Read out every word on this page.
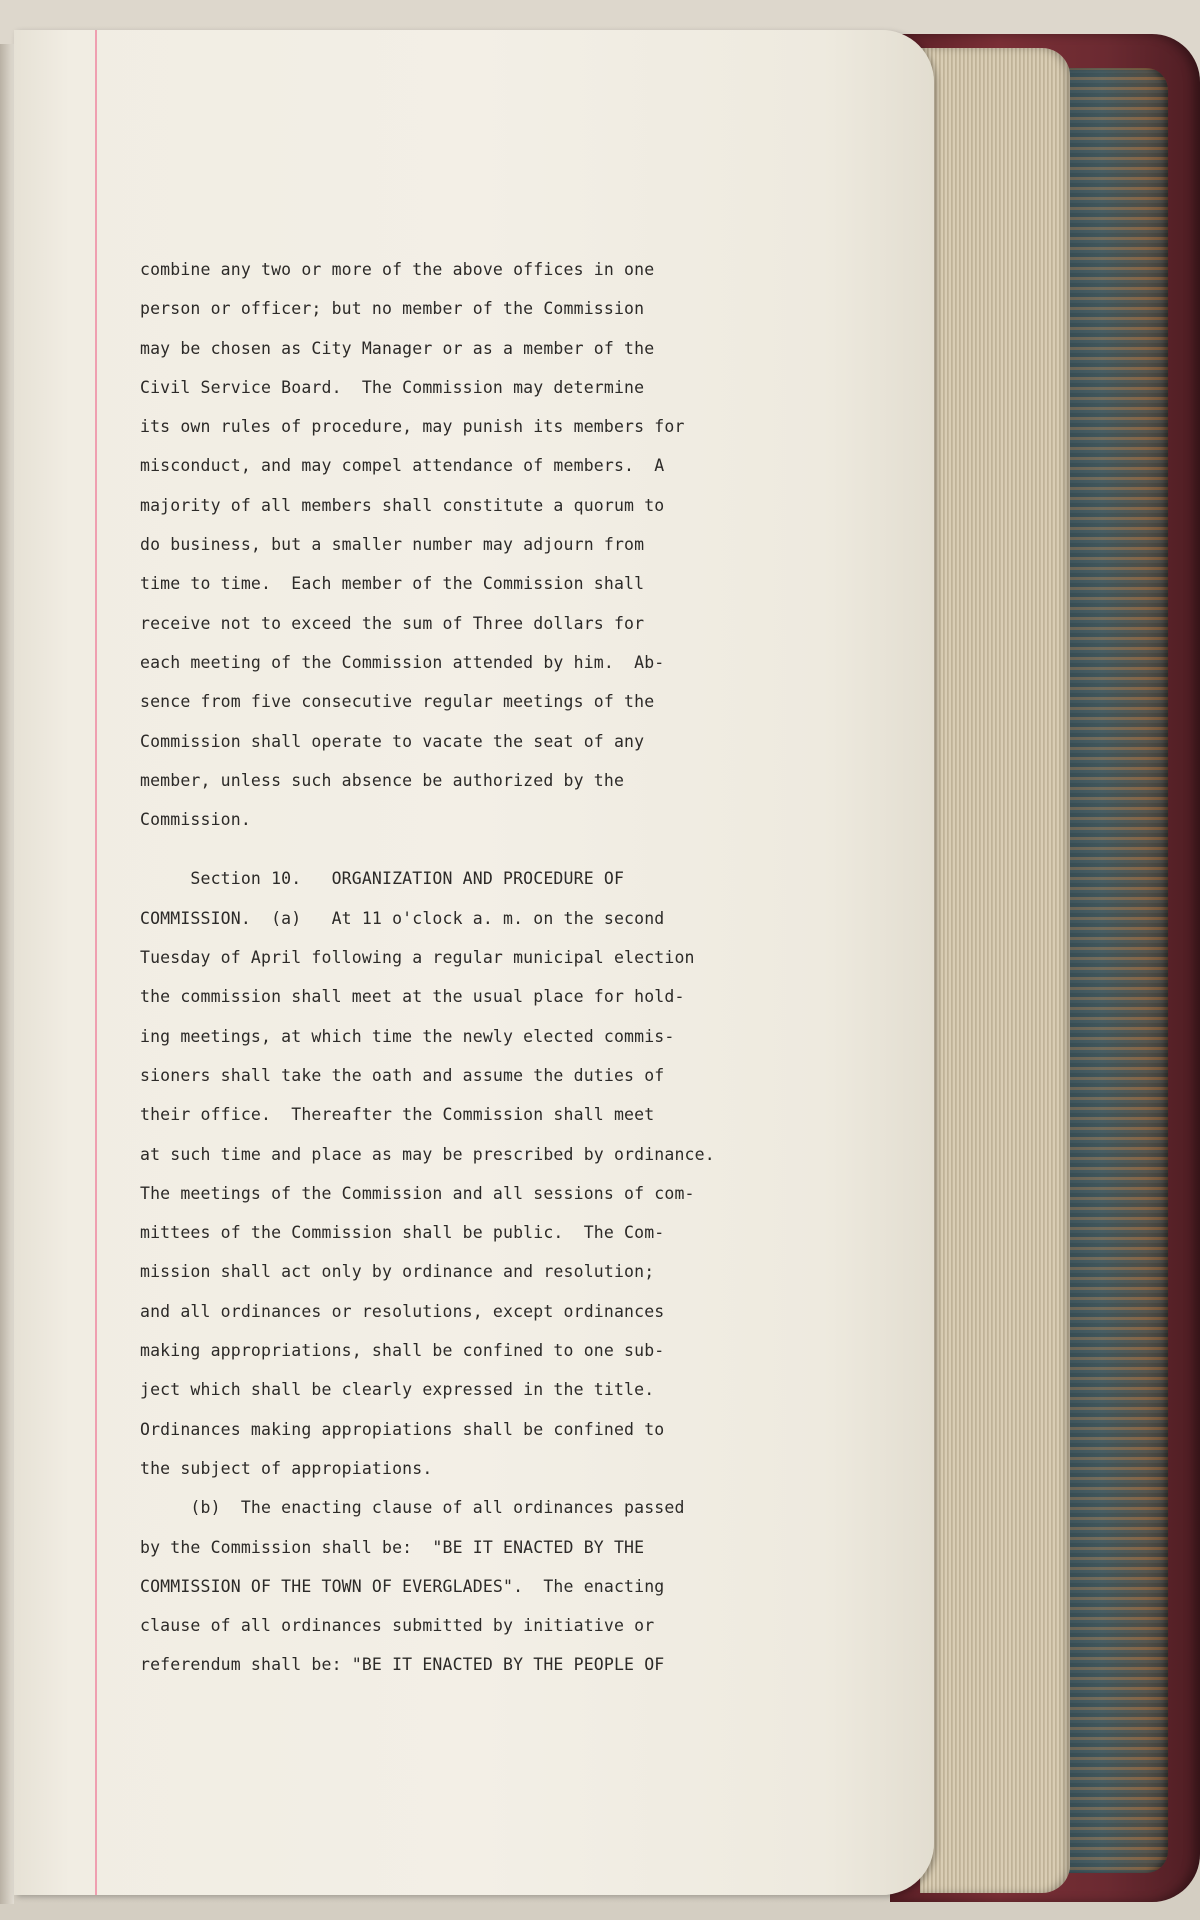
combine any two or more of the above offices in one
person or officer; but no member of the Commission
may be chosen as City Manager or as a member of the
Civil Service Board.  The Commission may determine
its own rules of procedure, may punish its members for
misconduct, and may compel attendance of members.  A
majority of all members shall constitute a quorum to
do business, but a smaller number may adjourn from
time to time.  Each member of the Commission shall
receive not to exceed the sum of Three dollars for
each meeting of the Commission attended by him.  Ab-
sence from five consecutive regular meetings of the
Commission shall operate to vacate the seat of any
member, unless such absence be authorized by the
Commission.
Section 10.   ORGANIZATION AND PROCEDURE OF
COMMISSION.  (a)   At 11 o'clock a. m. on the second
Tuesday of April following a regular municipal election
the commission shall meet at the usual place for hold-
ing meetings, at which time the newly elected commis-
sioners shall take the oath and assume the duties of
their office.  Thereafter the Commission shall meet
at such time and place as may be prescribed by ordinance.
The meetings of the Commission and all sessions of com-
mittees of the Commission shall be public.  The Com-
mission shall act only by ordinance and resolution;
and all ordinances or resolutions, except ordinances
making appropriations, shall be confined to one sub-
ject which shall be clearly expressed in the title.
Ordinances making appropiations shall be confined to
the subject of appropiations.
(b)  The enacting clause of all ordinances passed
by the Commission shall be:  "BE IT ENACTED BY THE
COMMISSION OF THE TOWN OF EVERGLADES".  The enacting
clause of all ordinances submitted by initiative or
referendum shall be: "BE IT ENACTED BY THE PEOPLE OF
